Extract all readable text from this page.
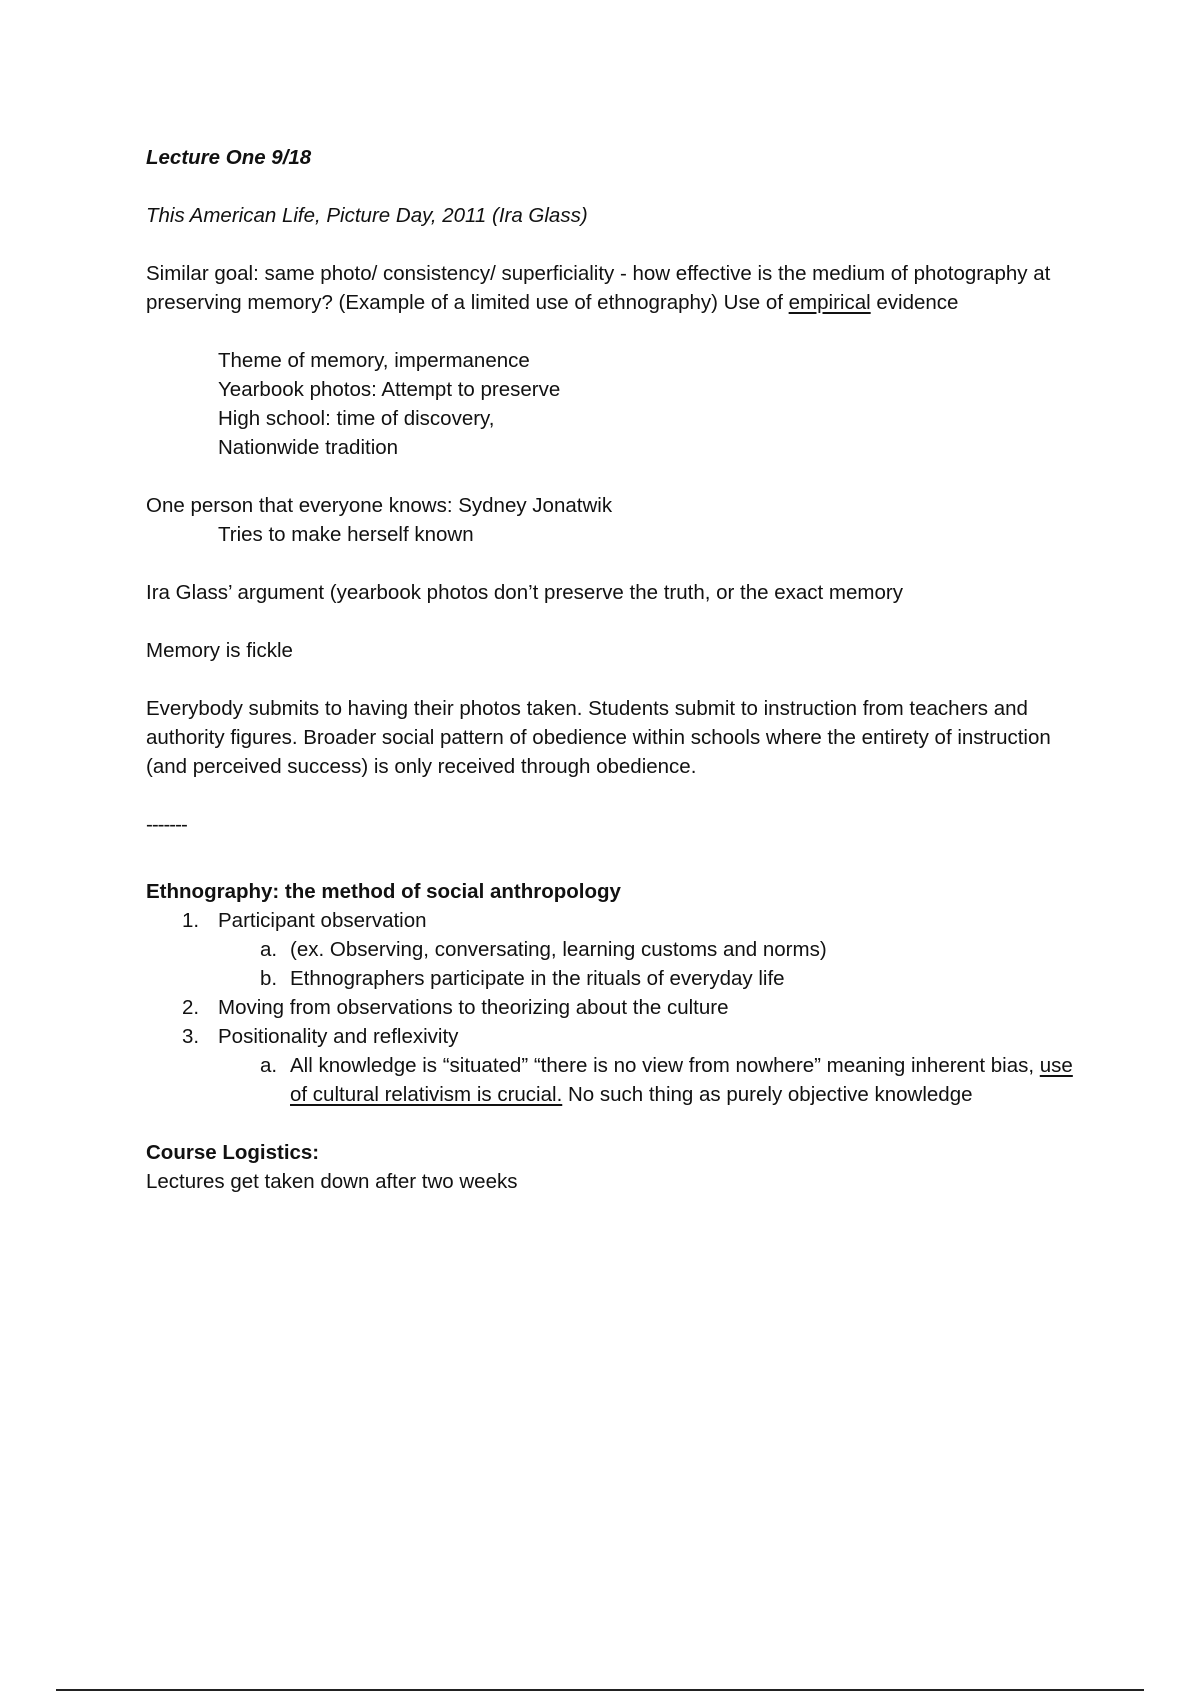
Lecture One 9/18

This American Life, Picture Day, 2011 (Ira Glass)

Similar goal: same photo/ consistency/ superficiality - how effective is the medium of photography at preserving memory? (Example of a limited use of ethnography) Use of empirical evidence

Theme of memory, impermanence

Yearbook photos: Attempt to preserve

High school: time of discovery,

Nationwide tradition

One person that everyone knows: Sydney Jonatwik

Tries to make herself known

Ira Glass’ argument (yearbook photos don’t preserve the truth, or the exact memory

Memory is fickle

Everybody submits to having their photos taken. Students submit to instruction from teachers and authority figures. Broader social pattern of obedience within schools where the entirety of instruction (and perceived success) is only received through obedience.

-------

Ethnography: the method of social anthropology

1. Participant observation
a. (ex. Observing, conversating, learning customs and norms)
b. Ethnographers participate in the rituals of everyday life
2. Moving from observations to theorizing about the culture
3. Positionality and reflexivity
a. All knowledge is “situated” “there is no view from nowhere” meaning inherent bias, use of cultural relativism is crucial. No such thing as purely objective knowledge

Course Logistics:

Lectures get taken down after two weeks
